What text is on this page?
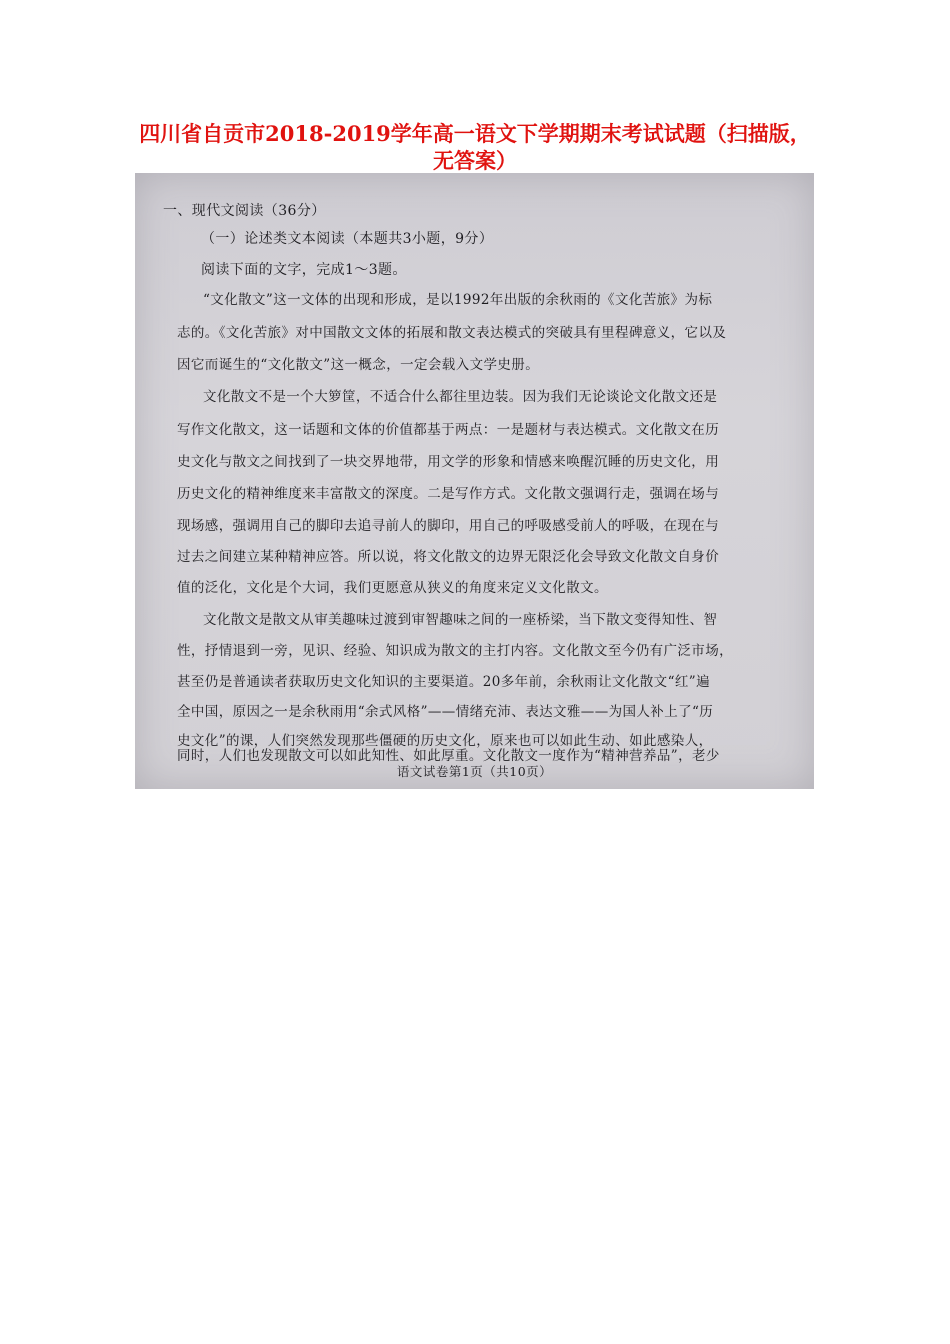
四川省自贡市2018-2019学年高一语文下学期期末考试试题（扫描版，
无答案）
一、现代文阅读（36分）
（一）论述类文本阅读（本题共3小题，9分）
阅读下面的文字，完成1～3题。
“文化散文”这一文体的出现和形成，是以1992年出版的余秋雨的《文化苦旅》为标
志的。《文化苦旅》对中国散文文体的拓展和散文表达模式的突破具有里程碑意义，它以及
因它而诞生的“文化散文”这一概念，一定会载入文学史册。
文化散文不是一个大箩筐，不适合什么都往里边装。因为我们无论谈论文化散文还是
写作文化散文，这一话题和文体的价值都基于两点：一是题材与表达模式。文化散文在历
史文化与散文之间找到了一块交界地带，用文学的形象和情感来唤醒沉睡的历史文化，用
历史文化的精神维度来丰富散文的深度。二是写作方式。文化散文强调行走，强调在场与
现场感，强调用自己的脚印去追寻前人的脚印，用自己的呼吸感受前人的呼吸，在现在与
过去之间建立某种精神应答。所以说，将文化散文的边界无限泛化会导致文化散文自身价
值的泛化，文化是个大词，我们更愿意从狭义的角度来定义文化散文。
文化散文是散文从审美趣味过渡到审智趣味之间的一座桥梁，当下散文变得知性、智
性，抒情退到一旁，见识、经验、知识成为散文的主打内容。文化散文至今仍有广泛市场，
甚至仍是普通读者获取历史文化知识的主要渠道。20多年前，余秋雨让文化散文“红”遍
全中国，原因之一是余秋雨用“余式风格”——情绪充沛、表达文雅——为国人补上了“历
史文化”的课，人们突然发现那些僵硬的历史文化，原来也可以如此生动、如此感染人，
语文试卷第1页（共10页）
同时，人们也发现散文可以如此知性、如此厚重。文化散文一度作为“精神营养品”，老少
